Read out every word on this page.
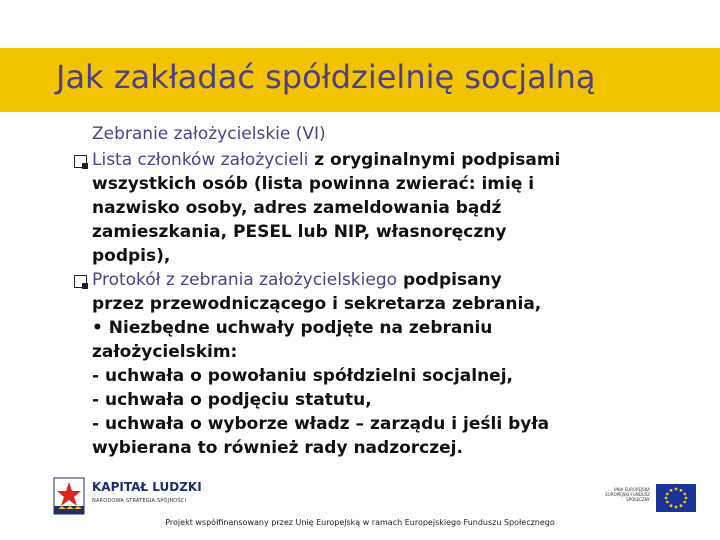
Jak zakładać spółdzielnię socjalną
Zebranie założycielskie (VI)
Lista członków założycieli z oryginalnymi podpisami
wszystkich osób (lista powinna zwierać: imię i
nazwisko osoby, adres zameldowania bądź
zamieszkania, PESEL lub NIP, własnoręczny
podpis),
Protokół z zebrania założycielskiego podpisany
przez przewodniczącego i sekretarza zebrania,
• Niezbędne uchwały podjęte na zebraniu
założycielskim:
- uchwała o powołaniu spółdzielni socjalnej,
- uchwała o podjęciu statutu,
- uchwała o wyborze władz – zarządu i jeśli była
wybierana to również rady nadzorczej.
KAPITAŁ LUDZKI
NARODOWA STRATEGIA SPÓJNOŚCI
UNIA EUROPEJSKA EUROPEJSKI FUNDUSZ SPOŁECZNY
Projekt współfinansowany przez Unię Europejską w ramach Europejskiego Funduszu Społecznego
